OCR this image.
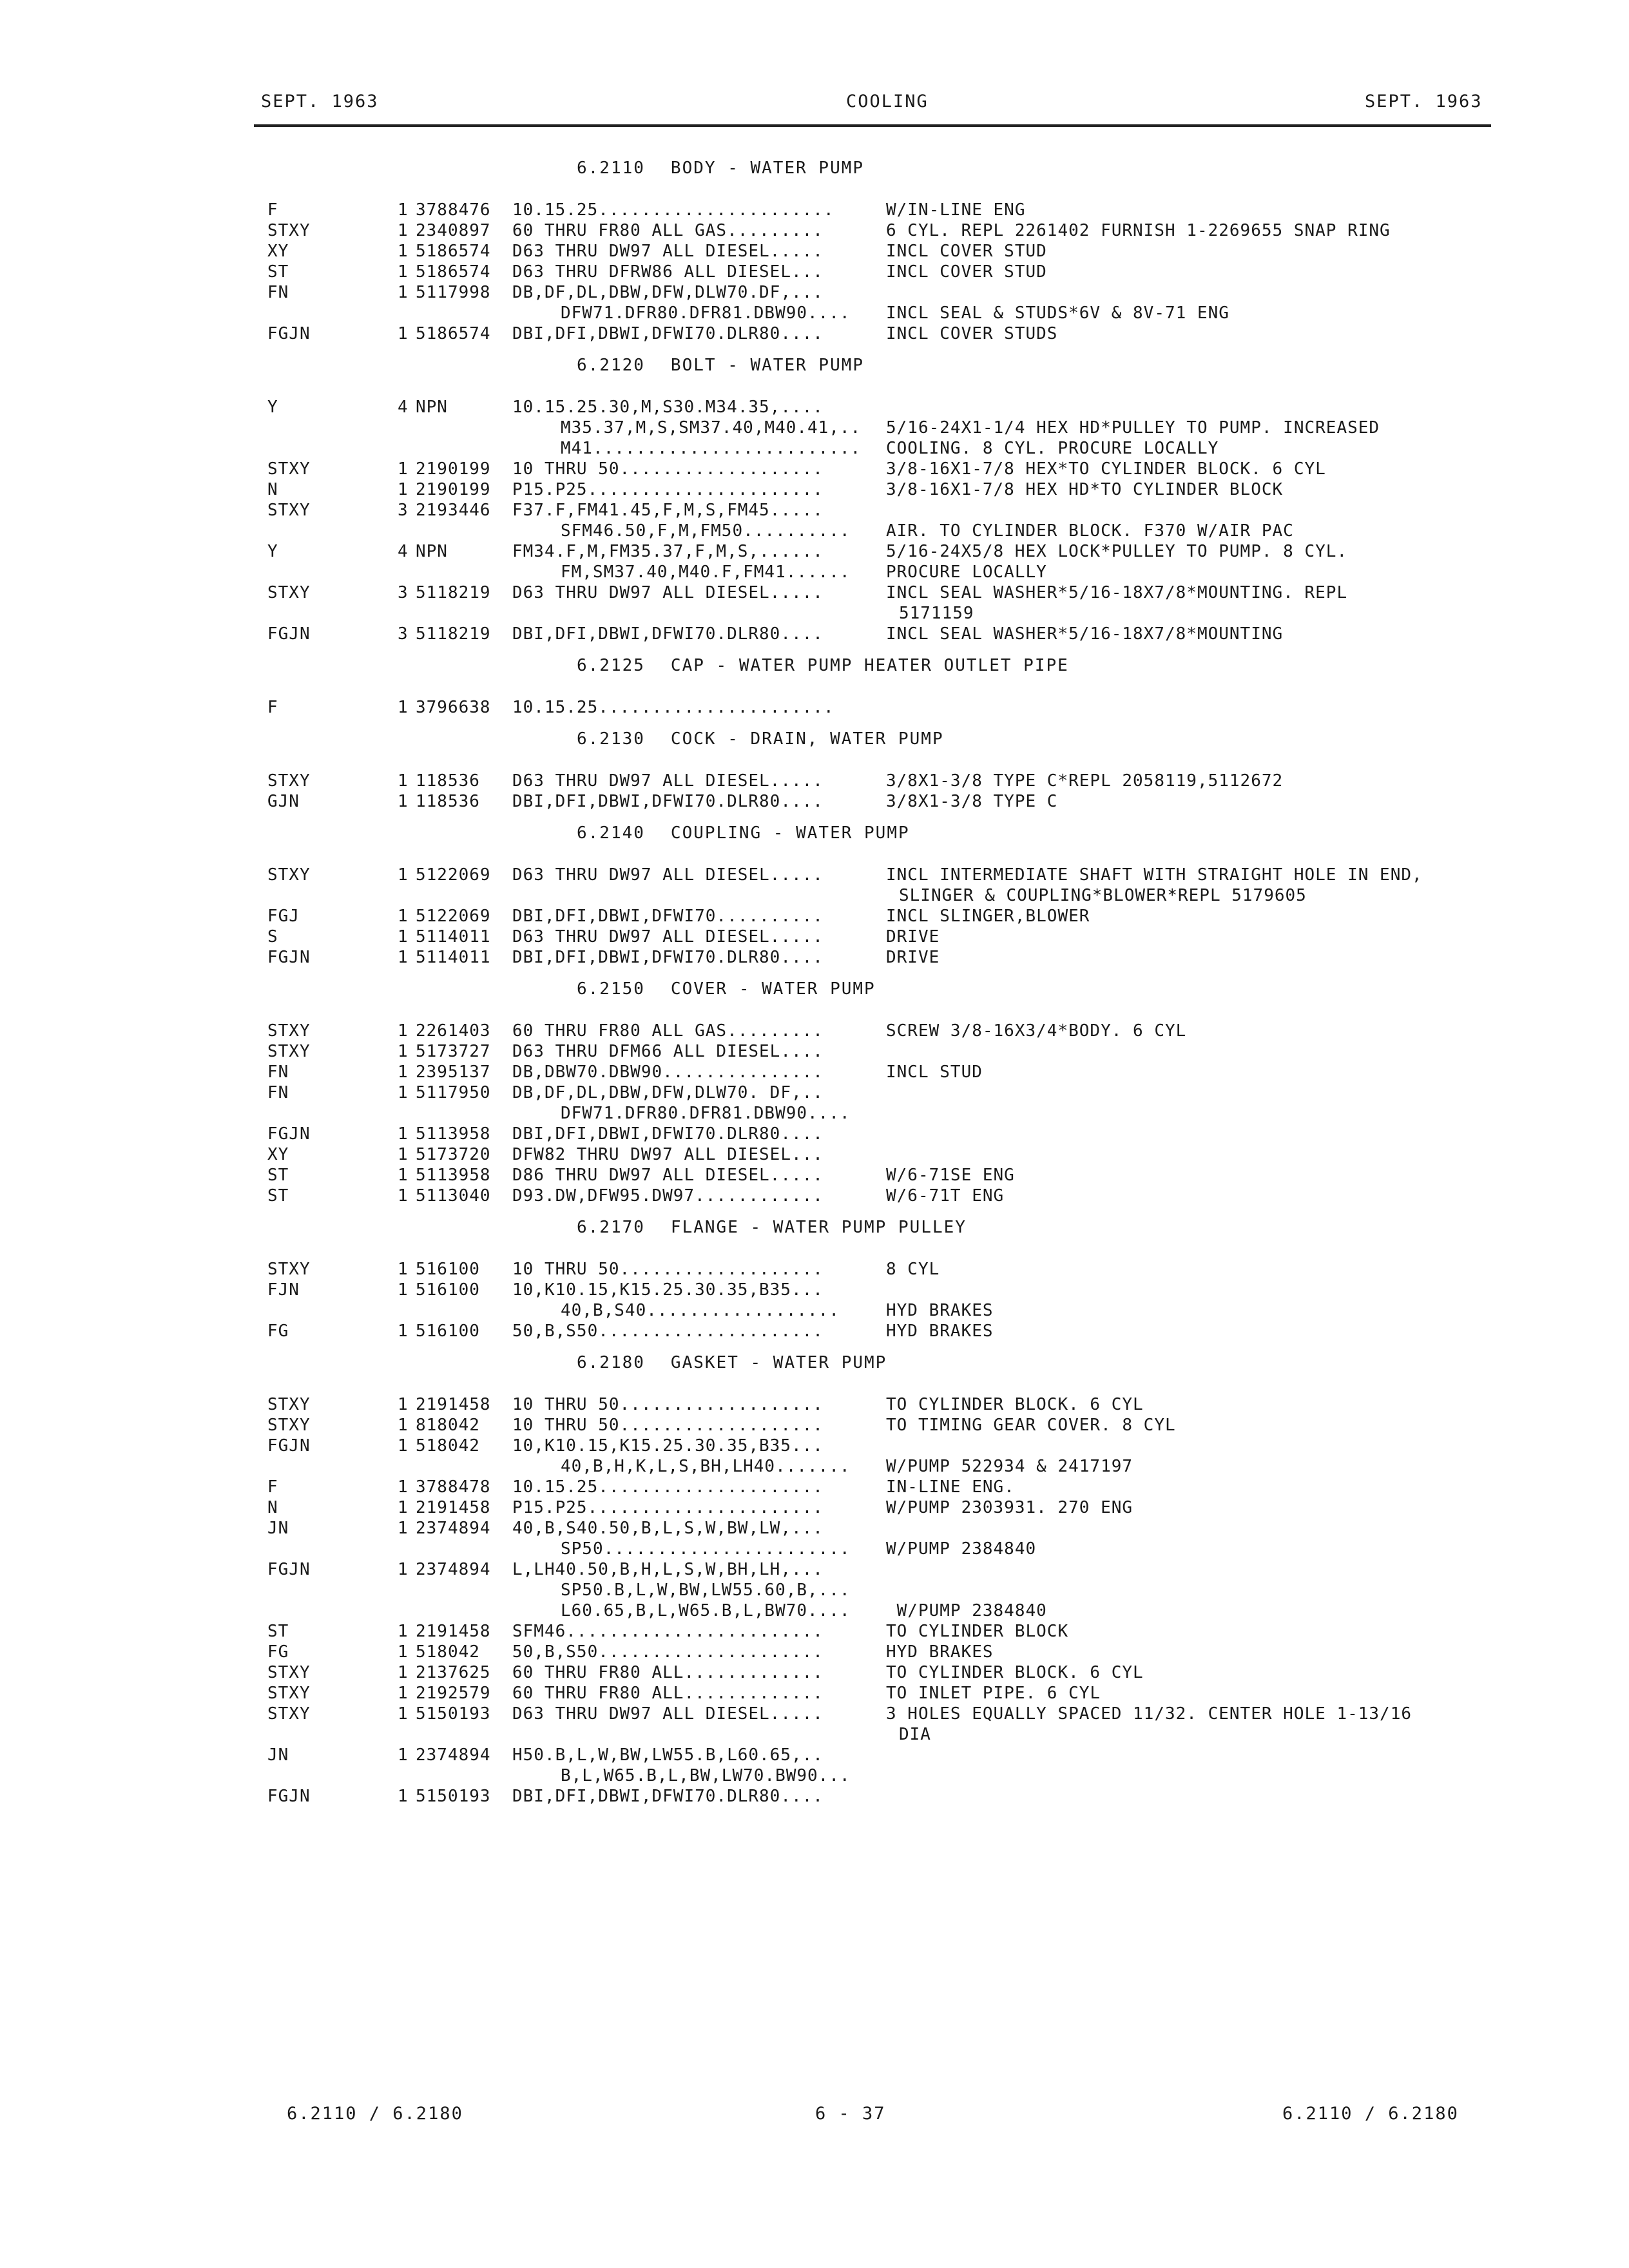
SEPT. 1963	COOLING	SEPT. 1963
6.2110 BODY - WATER PUMP
F	1 3788476 10.15.25......................	W/IN-LINE ENG
STXY	1 2340897 60 THRU FR80 ALL GAS.........	6 CYL. REPL 2261402 FURNISH 1-2269655 SNAP RING
XY	1 5186574 D63 THRU DW97 ALL DIESEL.....	INCL COVER STUD
ST	1 5186574 D63 THRU DFRW86 ALL DIESEL...	INCL COVER STUD
FN	1 5117998 DB,DF,DL,DBW,DFW,DLW70.DF,...
DFW71.DFR80.DFR81.DBW90.... INCL SEAL & STUDS*6V & 8V-71 ENG
FGJN	1 5186574 DBI,DFI,DBWI,DFWI70.DLR80....	INCL COVER STUDS
6.2120 BOLT - WATER PUMP
Y	4 NPN	10.15.25.30,M,S30.M34.35,....
M35.37,M,S,SM37.40,M40.41,.. 5/16-24X1-1/4 HEX HD*PULLEY TO PUMP. INCREASED
M41......................... COOLING. 8 CYL. PROCURE LOCALLY
STXY	1 2190199 10 THRU 50...................	3/8-16X1-7/8 HEX*TO CYLINDER BLOCK. 6 CYL
N	1 2190199 P15.P25......................	3/8-16X1-7/8 HEX HD*TO CYLINDER BLOCK
STXY	3 2193446 F37.F,FM41.45,F,M,S,FM45.....
SFM46.50,F,M,FM50.......... AIR. TO CYLINDER BLOCK. F370 W/AIR PAC
Y	4 NPN	FM34.F,M,FM35.37,F,M,S,......	5/16-24X5/8 HEX LOCK*PULLEY TO PUMP. 8 CYL.
FM,SM37.40,M40.F,FM41...... PROCURE LOCALLY
STXY	3 5118219 D63 THRU DW97 ALL DIESEL.....	INCL SEAL WASHER*5/16-18X7/8*MOUNTING. REPL
5171159
FGJN	3 5118219 DBI,DFI,DBWI,DFWI70.DLR80....	INCL SEAL WASHER*5/16-18X7/8*MOUNTING
6.2125 CAP - WATER PUMP HEATER OUTLET PIPE
F	1 3796638 10.15.25......................
6.2130 COCK - DRAIN, WATER PUMP
STXY	1 118536 D63 THRU DW97 ALL DIESEL.....	3/8X1-3/8 TYPE C*REPL 2058119,5112672
GJN	1 118536 DBI,DFI,DBWI,DFWI70.DLR80....	3/8X1-3/8 TYPE C
6.2140 COUPLING - WATER PUMP
STXY	1 5122069 D63 THRU DW97 ALL DIESEL.....	INCL INTERMEDIATE SHAFT WITH STRAIGHT HOLE IN END,
SLINGER & COUPLING*BLOWER*REPL 5179605
FGJ	1 5122069 DBI,DFI,DBWI,DFWI70..........	INCL SLINGER,BLOWER
S	1 5114011 D63 THRU DW97 ALL DIESEL.....	DRIVE
FGJN	1 5114011 DBI,DFI,DBWI,DFWI70.DLR80....	DRIVE
6.2150 COVER - WATER PUMP
STXY	1 2261403 60 THRU FR80 ALL GAS.........	SCREW 3/8-16X3/4*BODY. 6 CYL
STXY	1 5173727 D63 THRU DFM66 ALL DIESEL....
FN	1 2395137 DB,DBW70.DBW90...............	INCL STUD
FN	1 5117950 DB,DF,DL,DBW,DFW,DLW70. DF,..
DFW71.DFR80.DFR81.DBW90....
FGJN	1 5113958 DBI,DFI,DBWI,DFWI70.DLR80....
XY	1 5173720 DFW82 THRU DW97 ALL DIESEL...
ST	1 5113958 D86 THRU DW97 ALL DIESEL.....	W/6-71SE ENG
ST	1 5113040 D93.DW,DFW95.DW97............	W/6-71T ENG
6.2170 FLANGE - WATER PUMP PULLEY
STXY	1 516100 10 THRU 50...................	8 CYL
FJN	1 516100 10,K10.15,K15.25.30.35,B35...
40,B,S40..................	HYD BRAKES
FG	1 516100 50,B,S50.....................	HYD BRAKES
6.2180 GASKET - WATER PUMP
STXY	1 2191458 10 THRU 50...................	TO CYLINDER BLOCK. 6 CYL
STXY	1 818042 10 THRU 50...................	TO TIMING GEAR COVER. 8 CYL
FGJN	1 518042 10,K10.15,K15.25.30.35,B35...
40,B,H,K,L,S,BH,LH40....... W/PUMP 522934 & 2417197
F	1 3788478 10.15.25.....................	IN-LINE ENG.
N	1 2191458 P15.P25......................	W/PUMP 2303931. 270 ENG
JN	1 2374894 40,B,S40.50,B,L,S,W,BW,LW,...
SP50....................... W/PUMP 2384840
FGJN	1 2374894 L,LH40.50,B,H,L,S,W,BH,LH,...
SP50.B,L,W,BW,LW55.60,B,...
L60.65,B,L,W65.B,L,BW70.... W/PUMP 2384840
ST	1 2191458 SFM46........................	TO CYLINDER BLOCK
FG	1 518042 50,B,S50.....................	HYD BRAKES
STXY	1 2137625 60 THRU FR80 ALL.............	TO CYLINDER BLOCK. 6 CYL
STXY	1 2192579 60 THRU FR80 ALL.............	TO INLET PIPE. 6 CYL
STXY	1 5150193 D63 THRU DW97 ALL DIESEL.....	3 HOLES EQUALLY SPACED 11/32. CENTER HOLE 1-13/16
DIA
JN	1 2374894 H50.B,L,W,BW,LW55.B,L60.65,..
B,L,W65.B,L,BW,LW70.BW90...
FGJN	1 5150193 DBI,DFI,DBWI,DFWI70.DLR80....
6.2110 / 6.2180	6 - 37	6.2110 / 6.2180
